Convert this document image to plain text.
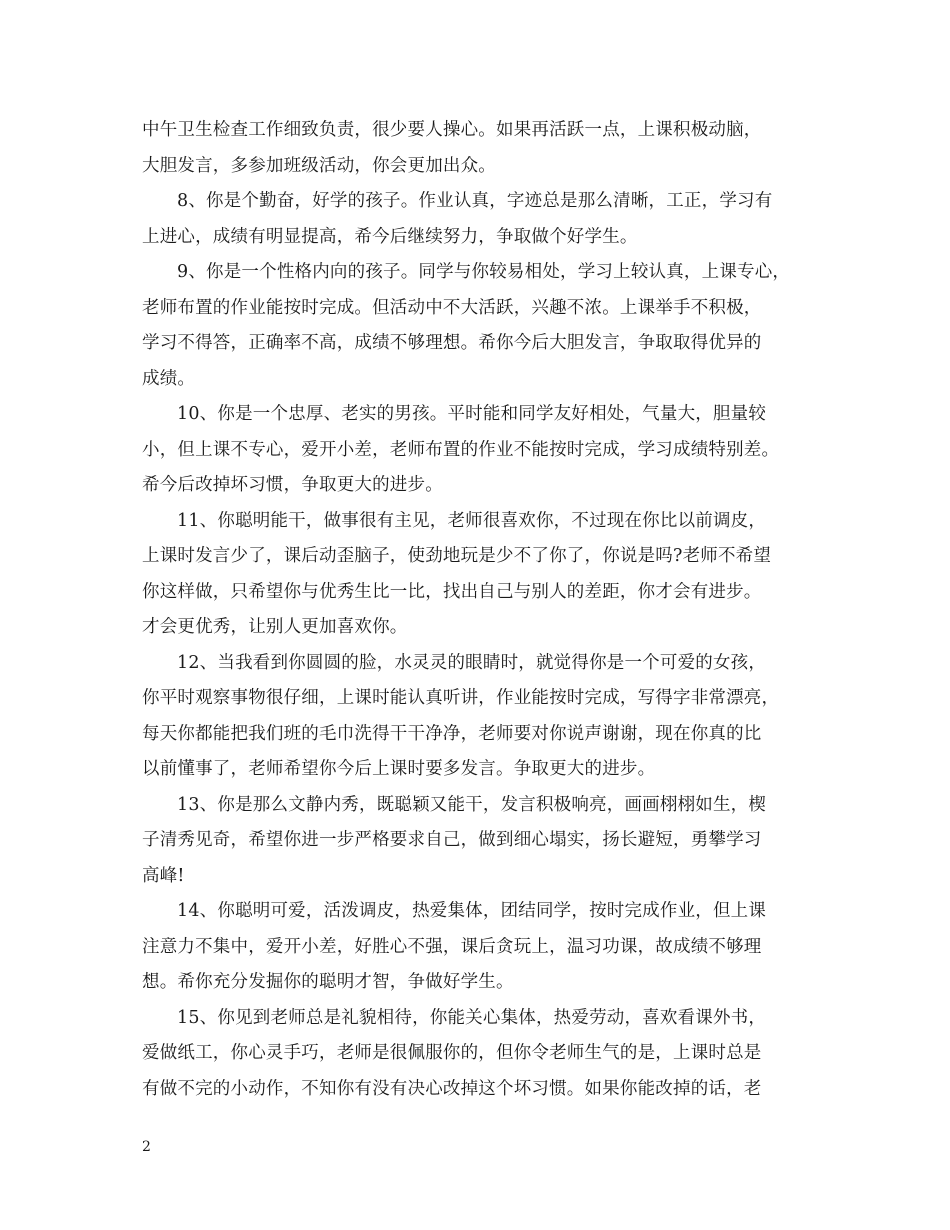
中午卫生检查工作细致负责，很少要人操心。如果再活跃一点，上课积极动脑，
大胆发言，多参加班级活动，你会更加出众。
8、你是个勤奋，好学的孩子。作业认真，字迹总是那么清晰，工正，学习有
上进心，成绩有明显提高，希今后继续努力，争取做个好学生。
9、你是一个性格内向的孩子。同学与你较易相处，学习上较认真，上课专心，
老师布置的作业能按时完成。但活动中不大活跃，兴趣不浓。上课举手不积极，
学习不得答，正确率不高，成绩不够理想。希你今后大胆发言，争取取得优异的
成绩。
10、你是一个忠厚、老实的男孩。平时能和同学友好相处，气量大，胆量较
小，但上课不专心，爱开小差，老师布置的作业不能按时完成，学习成绩特别差。
希今后改掉坏习惯，争取更大的进步。
11、你聪明能干，做事很有主见，老师很喜欢你，不过现在你比以前调皮，
上课时发言少了，课后动歪脑子，使劲地玩是少不了你了，你说是吗?老师不希望
你这样做，只希望你与优秀生比一比，找出自己与别人的差距，你才会有进步。
才会更优秀，让别人更加喜欢你。
12、当我看到你圆圆的脸，水灵灵的眼睛时，就觉得你是一个可爱的女孩，
你平时观察事物很仔细，上课时能认真听讲，作业能按时完成，写得字非常漂亮，
每天你都能把我们班的毛巾洗得干干净净，老师要对你说声谢谢，现在你真的比
以前懂事了，老师希望你今后上课时要多发言。争取更大的进步。
13、你是那么文静内秀，既聪颖又能干，发言积极响亮，画画栩栩如生，楔
子清秀见奇，希望你进一步严格要求自己，做到细心塌实，扬长避短，勇攀学习
高峰!
14、你聪明可爱，活泼调皮，热爱集体，团结同学，按时完成作业，但上课
注意力不集中，爱开小差，好胜心不强，课后贪玩上，温习功课，故成绩不够理
想。希你充分发掘你的聪明才智，争做好学生。
15、你见到老师总是礼貌相待，你能关心集体，热爱劳动，喜欢看课外书，
爱做纸工，你心灵手巧，老师是很佩服你的，但你令老师生气的是，上课时总是
有做不完的小动作，不知你有没有决心改掉这个坏习惯。如果你能改掉的话，老
2
